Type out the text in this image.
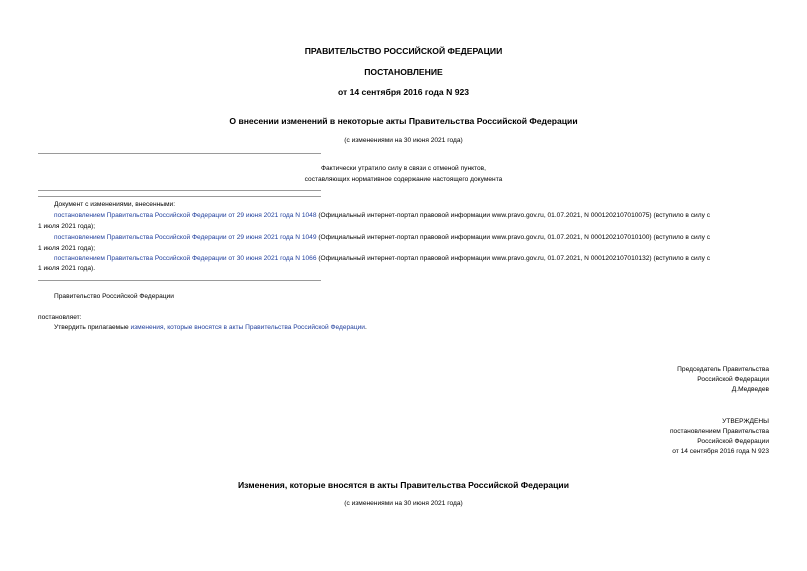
ПРАВИТЕЛЬСТВО РОССИЙСКОЙ ФЕДЕРАЦИИ
ПОСТАНОВЛЕНИЕ
от 14 сентября 2016 года N 923
О внесении изменений в некоторые акты Правительства Российской Федерации
(с изменениями на 30 июня 2021 года)
Фактически утратило силу в связи с отменой пунктов,
составляющих нормативное содержание настоящего документа
Документ с изменениями, внесенными:
постановлением Правительства Российской Федерации от 29 июня 2021 года N 1048 (Официальный интернет-портал правовой информации www.pravo.gov.ru, 01.07.2021, N 0001202107010075) (вступило в силу с
1 июля 2021 года);
постановлением Правительства Российской Федерации от 29 июня 2021 года N 1049 (Официальный интернет-портал правовой информации www.pravo.gov.ru, 01.07.2021, N 0001202107010100) (вступило в силу с
1 июля 2021 года);
постановлением Правительства Российской Федерации от 30 июня 2021 года N 1066 (Официальный интернет-портал правовой информации www.pravo.gov.ru, 01.07.2021, N 0001202107010132) (вступило в силу с
1 июля 2021 года).
Правительство Российской Федерации
постановляет:
Утвердить прилагаемые изменения, которые вносятся в акты Правительства Российской Федерации.
Председатель Правительства
Российской Федерации
Д.Медведев
УТВЕРЖДЕНЫ
постановлением Правительства
Российской Федерации
от 14 сентября 2016 года N 923
Изменения, которые вносятся в акты Правительства Российской Федерации
(с изменениями на 30 июня 2021 года)
